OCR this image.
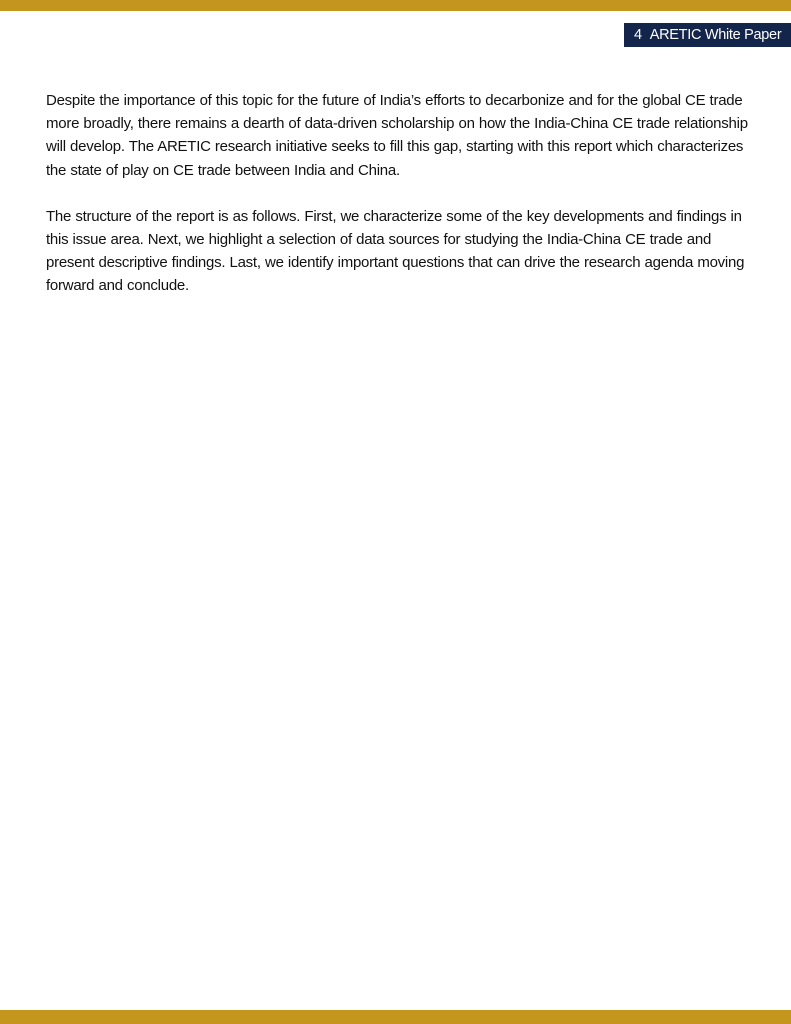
4 ARETIC White Paper

Despite the importance of this topic for the future of India’s efforts to decarbonize and for the global CE trade more broadly, there remains a dearth of data-driven scholarship on how the India-China CE trade relationship will develop. The ARETIC research initiative seeks to fill this gap, starting with this report which characterizes the state of play on CE trade between India and China.

The structure of the report is as follows. First, we characterize some of the key developments and findings in this issue area. Next, we highlight a selection of data sources for studying the India-China CE trade and present descriptive findings. Last, we identify important questions that can drive the research agenda moving forward and conclude.
